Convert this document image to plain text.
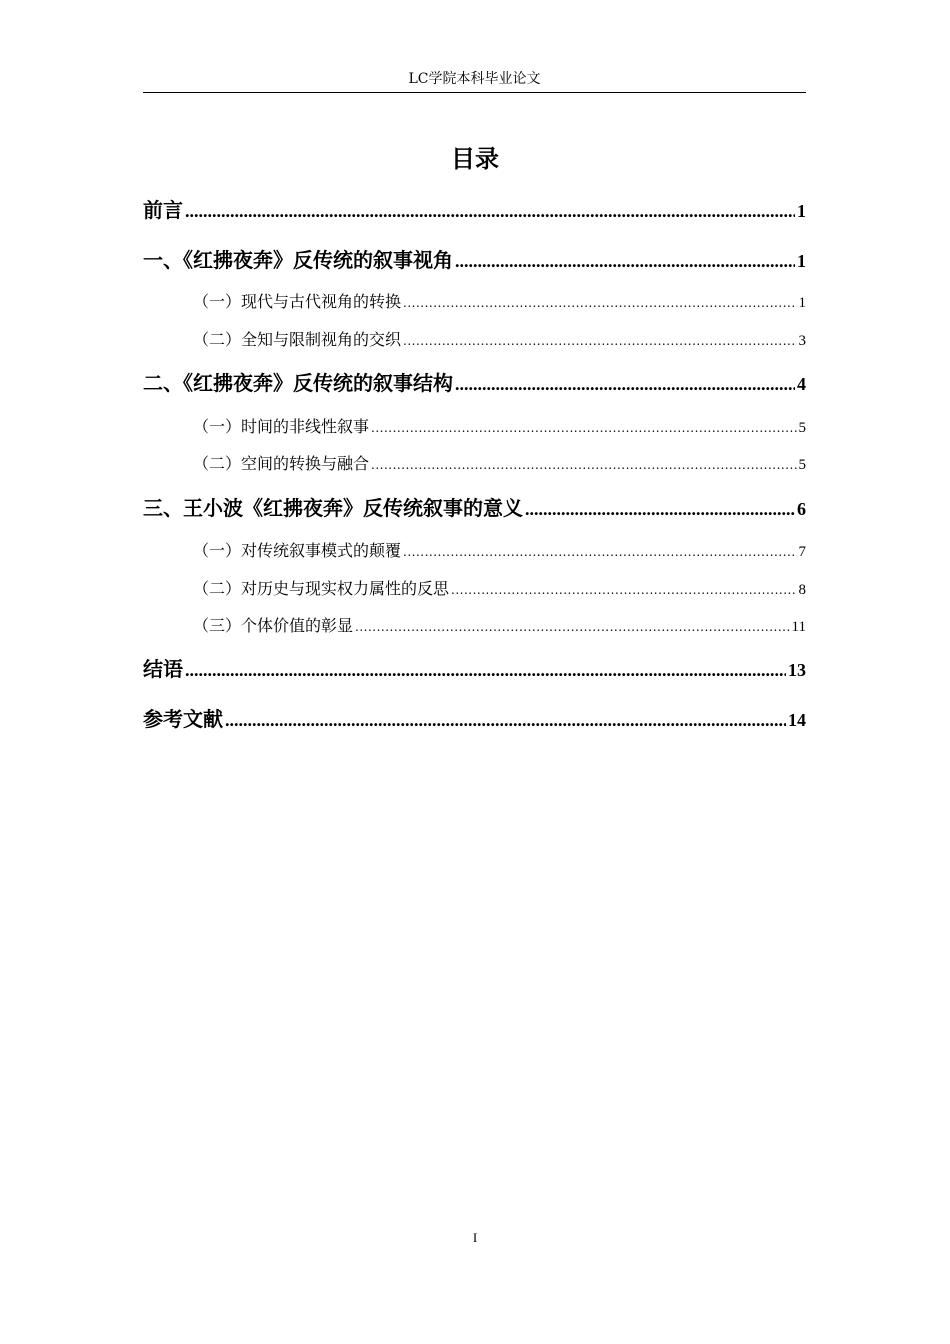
LC学院本科毕业论文
目录
前言 .....	1
一、《红拂夜奔》反传统的叙事视角 .....	1
（一）现代与古代视角的转换 .....	1
（二）全知与限制视角的交织 .....	3
二、《红拂夜奔》反传统的叙事结构 .....	4
（一）时间的非线性叙事 .....	5
（二）空间的转换与融合 .....	5
三、王小波《红拂夜奔》反传统叙事的意义 .....	6
（一）对传统叙事模式的颠覆 .....	7
（二）对历史与现实权力属性的反思 .....	8
（三）个体价值的彰显 .....	11
结语 .....	13
参考文献 .....	14
I
